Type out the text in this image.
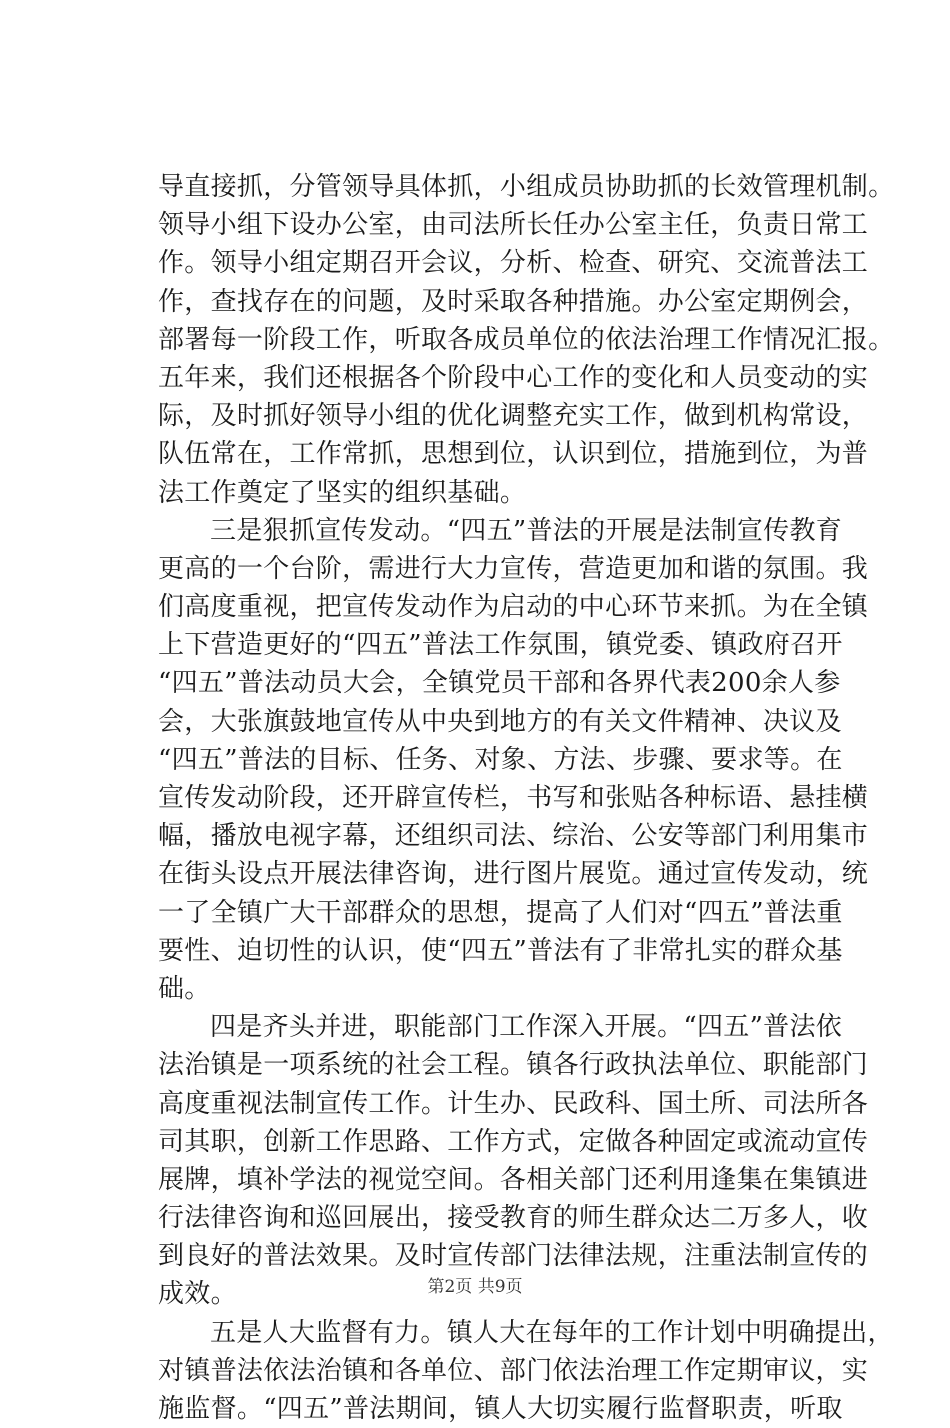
导直接抓，分管领导具体抓，小组成员协助抓的长效管理机制。
领导小组下设办公室，由司法所长任办公室主任，负责日常工
作。领导小组定期召开会议，分析、检查、研究、交流普法工
作，查找存在的问题，及时采取各种措施。办公室定期例会，
部署每一阶段工作，听取各成员单位的依法治理工作情况汇报。
五年来，我们还根据各个阶段中心工作的变化和人员变动的实
际，及时抓好领导小组的优化调整充实工作，做到机构常设，
队伍常在，工作常抓，思想到位，认识到位，措施到位，为普
法工作奠定了坚实的组织基础。
三是狠抓宣传发动。“四五”普法的开展是法制宣传教育
更高的一个台阶，需进行大力宣传，营造更加和谐的氛围。我
们高度重视，把宣传发动作为启动的中心环节来抓。为在全镇
上下营造更好的“四五”普法工作氛围，镇党委、镇政府召开
“四五”普法动员大会，全镇党员干部和各界代表200余人参
会，大张旗鼓地宣传从中央到地方的有关文件精神、决议及
“四五”普法的目标、任务、对象、方法、步骤、要求等。在
宣传发动阶段，还开辟宣传栏，书写和张贴各种标语、悬挂横
幅，播放电视字幕，还组织司法、综治、公安等部门利用集市
在街头设点开展法律咨询，进行图片展览。通过宣传发动，统
一了全镇广大干部群众的思想，提高了人们对“四五”普法重
要性、迫切性的认识，使“四五”普法有了非常扎实的群众基
础。
四是齐头并进，职能部门工作深入开展。“四五”普法依
法治镇是一项系统的社会工程。镇各行政执法单位、职能部门
高度重视法制宣传工作。计生办、民政科、国土所、司法所各
司其职，创新工作思路、工作方式，定做各种固定或流动宣传
展牌，填补学法的视觉空间。各相关部门还利用逢集在集镇进
行法律咨询和巡回展出，接受教育的师生群众达二万多人，收
到良好的普法效果。及时宣传部门法律法规，注重法制宣传的
成效。
五是人大监督有力。镇人大在每年的工作计划中明确提出，
对镇普法依法治镇和各单位、部门依法治理工作定期审议，实
施监督。“四五”普法期间，镇人大切实履行监督职责，听取
第2页 共9页
